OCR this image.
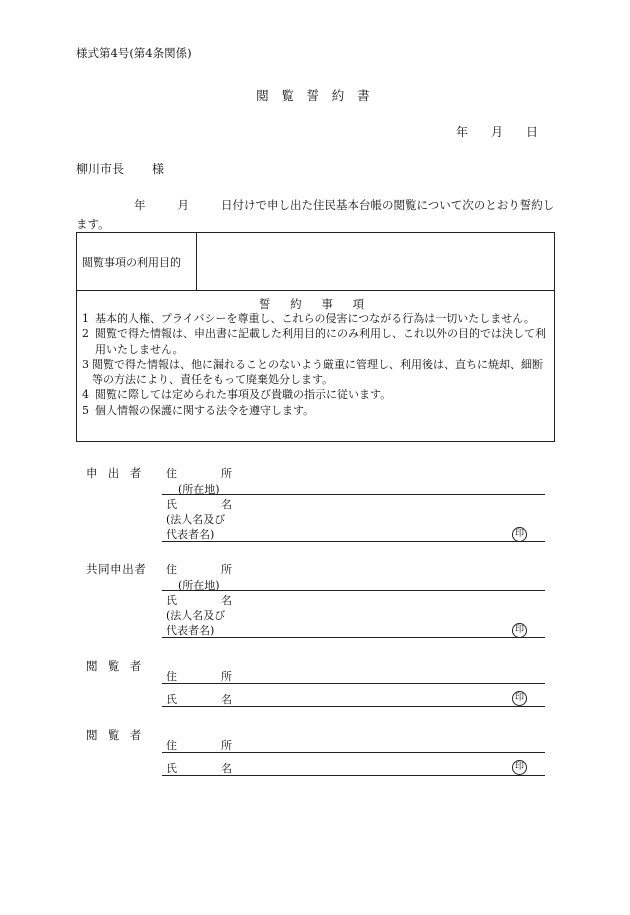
様式第4号(第4条関係)
閲 覧 誓 約 書
年 月 日
柳川市長 様
年	月	日付けで申し出た住民基本台帳の閲覧について次のとおり誓約します。
閲覧事項の利用目的
誓 約 事 項
1 基本的人権、プライバシーを尊重し、これらの侵害につながる行為は一切いたしません。
2 閲覧で得た情報は、申出書に記載した利用目的にのみ利用し、これ以外の目的では決して利用いたしません。
3 閲覧で得た情報は、他に漏れることのないよう厳重に管理し、利用後は、直ちに焼却、細断等の方法により、責任をもって廃棄処分します。
4 閲覧に際しては定められた事項及び貴職の指示に従います。
5 個人情報の保護に関する法令を遵守します。
申出者 住	所
(所在地)
氏	名
(法人名及び
代表者名)	印
共同申出者 住	所
(所在地)
氏	名
(法人名及び
代表者名)	印
閲覧者
住	所
氏	名	印
閲覧者
住	所
氏	名	印
